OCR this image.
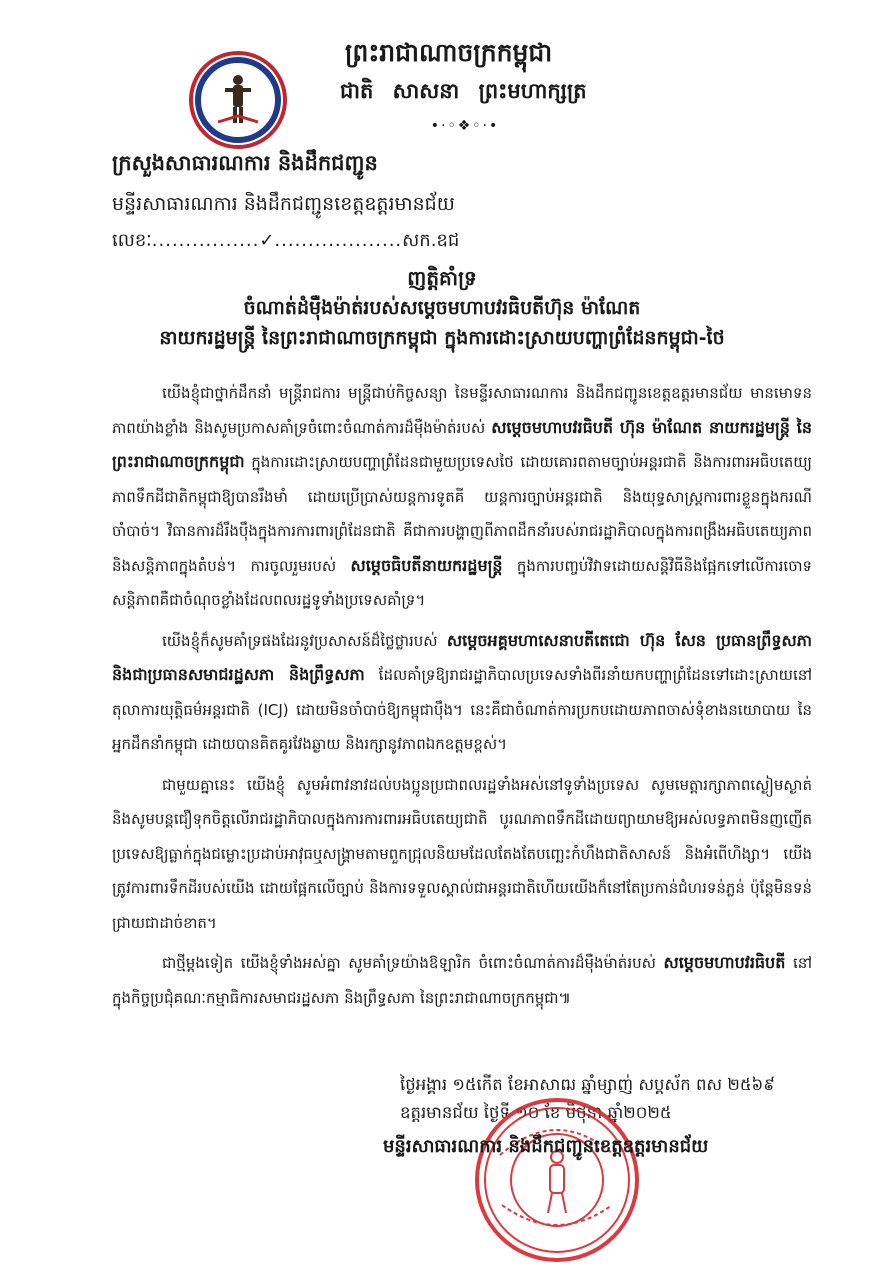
ព្រះរាជាណាចក្រកម្ពុជា
ជាតិ សាសនា ព្រះមហាក្សត្រ
•·◦❖◦·•
ក្រសួងសាធារណការ និងដឹកជញ្ជូន
មន្ទីរសាធារណការ និងដឹកជញ្ជូនខេត្តឧត្តរមានជ័យ
លេខៈ................✓...................សក.ឧជ
ញត្តិគាំទ្រ
ចំណាត់ដំម៉ឺងម៉ាត់របស់សម្តេចមហាបវរធិបតីហ៊ុន ម៉ាណែត
នាយករដ្ឋមន្រ្តី នៃព្រះរាជាណាចក្រកម្ពុជា ក្នុងការដោះស្រាយបញ្ហាព្រំដែនកម្ពុជា-ថៃ

យើងខ្ញុំជាថ្នាក់ដឹកនាំ មន្ត្រីរាជការ មន្ត្រីជាប់កិច្ចសន្យា នៃមន្ទីរសាធារណការ និងដឹកជញ្ជូនខេត្តឧត្តរមានជ័យ មានមោទនភាពយ៉ាងខ្លាំង និងសូមប្រកាសគាំទ្រចំពោះចំណាត់ការដ៏ម៉ឺងម៉ាត់របស់ សម្តេចមហាបវរធិបតី ហ៊ុន ម៉ាណែត នាយករដ្ឋមន្រ្តី នៃព្រះរាជាណាចក្រកម្ពុជា ក្នុងការដោះស្រាយបញ្ហាព្រំដែនជាមួយប្រទេសថៃ ដោយគោរពតាមច្បាប់អន្តរជាតិ និងការពារអធិបតេយ្យភាពទឹកដីជាតិកម្ពុជាឱ្យបានរឹងមាំ ដោយប្រើប្រាស់យន្តការទូតគី យន្តការច្បាប់អន្តរជាតិ និងយុទ្ធសាស្ត្រការពារខ្លួនក្នុងករណីចាំបាច់។ វិធានការដ៏រឹងប៉ឹងក្នុងការការពារព្រំដែនជាតិ គឺជាការបង្ហាញពីភាពដឹកនាំរបស់រាជរដ្ឋាភិបាលក្នុងការពង្រឹងអធិបតេយ្យភាព និងសន្តិភាពក្នុងតំបន់។ ការចូលរួមរបស់ សម្តេចធិបតីនាយករដ្ឋមន្រ្តី ក្នុងការបញ្ចប់វិវាទដោយសន្តិវិធីនិងផ្អែកទៅលើការចោទសន្តិភាពគឺជាចំណុចខ្លាំងដែលពលរដ្ឋទូទាំងប្រទេសគាំទ្រ។

យើងខ្ញុំក៏សូមគាំទ្រផងដែរនូវប្រសាសន៍ដ៏ថ្លៃថ្លារបស់ សម្តេចអគ្គមហាសេនាបតីតេជោ ហ៊ុន សែន ប្រធានព្រឹទ្ធសភា និងជាប្រធានសមាជរដ្ឋសភា និងព្រឹទ្ធសភា ដែលគាំទ្រឱ្យរាជរដ្ឋាភិបាលប្រទេសទាំងពីរនាំយកបញ្ហាព្រំដែនទៅដោះស្រាយនៅតុលាការយុត្តិធម៌អន្តរជាតិ (ICJ) ដោយមិនចាំបាច់ឱ្យកម្ពុជាប៉ឹង។ នេះគឺជាចំណាត់ការប្រកបដោយភាពចាស់ទុំខាងនយោបាយ នៃអ្នកដឹកនាំកម្ពុជា ដោយបានគិតគូរវែងឆ្ងាយ និងរក្សានូវភាពឯកឧត្តមខ្ពស់។

ជាមួយគ្នានេះ យើងខ្ញុំ សូមអំពាវនាវដល់បងប្អូនប្រជាពលរដ្ឋទាំងអស់នៅទូទាំងប្រទេស សូមមេត្តារក្សាភាពស្ងៀមស្ងាត់ និងសូមបន្តជឿទុកចិត្តលើរាជរដ្ឋាភិបាលក្នុងការការពារអធិបតេយ្យជាតិ បូរណភាពទឹកដីដោយព្យាយាមឱ្យអស់លទ្ធភាពមិនញញើតប្រទេសឱ្យធ្លាក់ក្នុងជម្លោះប្រដាប់អាវុធឬសង្គ្រាមតាមពួកជ្រុលនិយមដែលតែងតែបញ្ឆេះកំហឹងជាតិសាសន៍ និងអំពើហិង្សា។ យើងត្រូវការពារទឹកដីរបស់យើង ដោយផ្អែកលើច្បាប់ និងការទទួលស្គាល់ជាអន្តរជាតិហើយយើងក៏នៅតែប្រកាន់ជំហរទន់ភ្លន់ ប៉ុន្តែមិនទន់ជ្រាយជាដាច់ខាត។

ជាថ្មីម្តងទៀត យើងខ្ញុំទាំងអស់គ្នា សូមគាំទ្រយ៉ាងឱឡារិក ចំពោះចំណាត់ការដ៏ម៉ឺងម៉ាត់របស់ សម្តេចមហាបវរធិបតី នៅក្នុងកិច្ចប្រជុំគណៈកម្មាធិការសមាជរដ្ឋសភា និងព្រឹទ្ធសភា នៃព្រះរាជាណាចក្រកម្ពុជា៕

ថ្ងៃអង្គារ ១៥កើត ខែអាសាឍ ឆ្នាំម្សាញ់ សប្តស័ក ពស ២៥៦៩
ឧត្តរមានជ័យ ថ្ងៃទី ១០ ខែ មិថុនា ឆ្នាំ២០២៥
មន្ទីរសាធារណការ និងដឹកជញ្ជូនខេត្តឧត្តរមានជ័យ
